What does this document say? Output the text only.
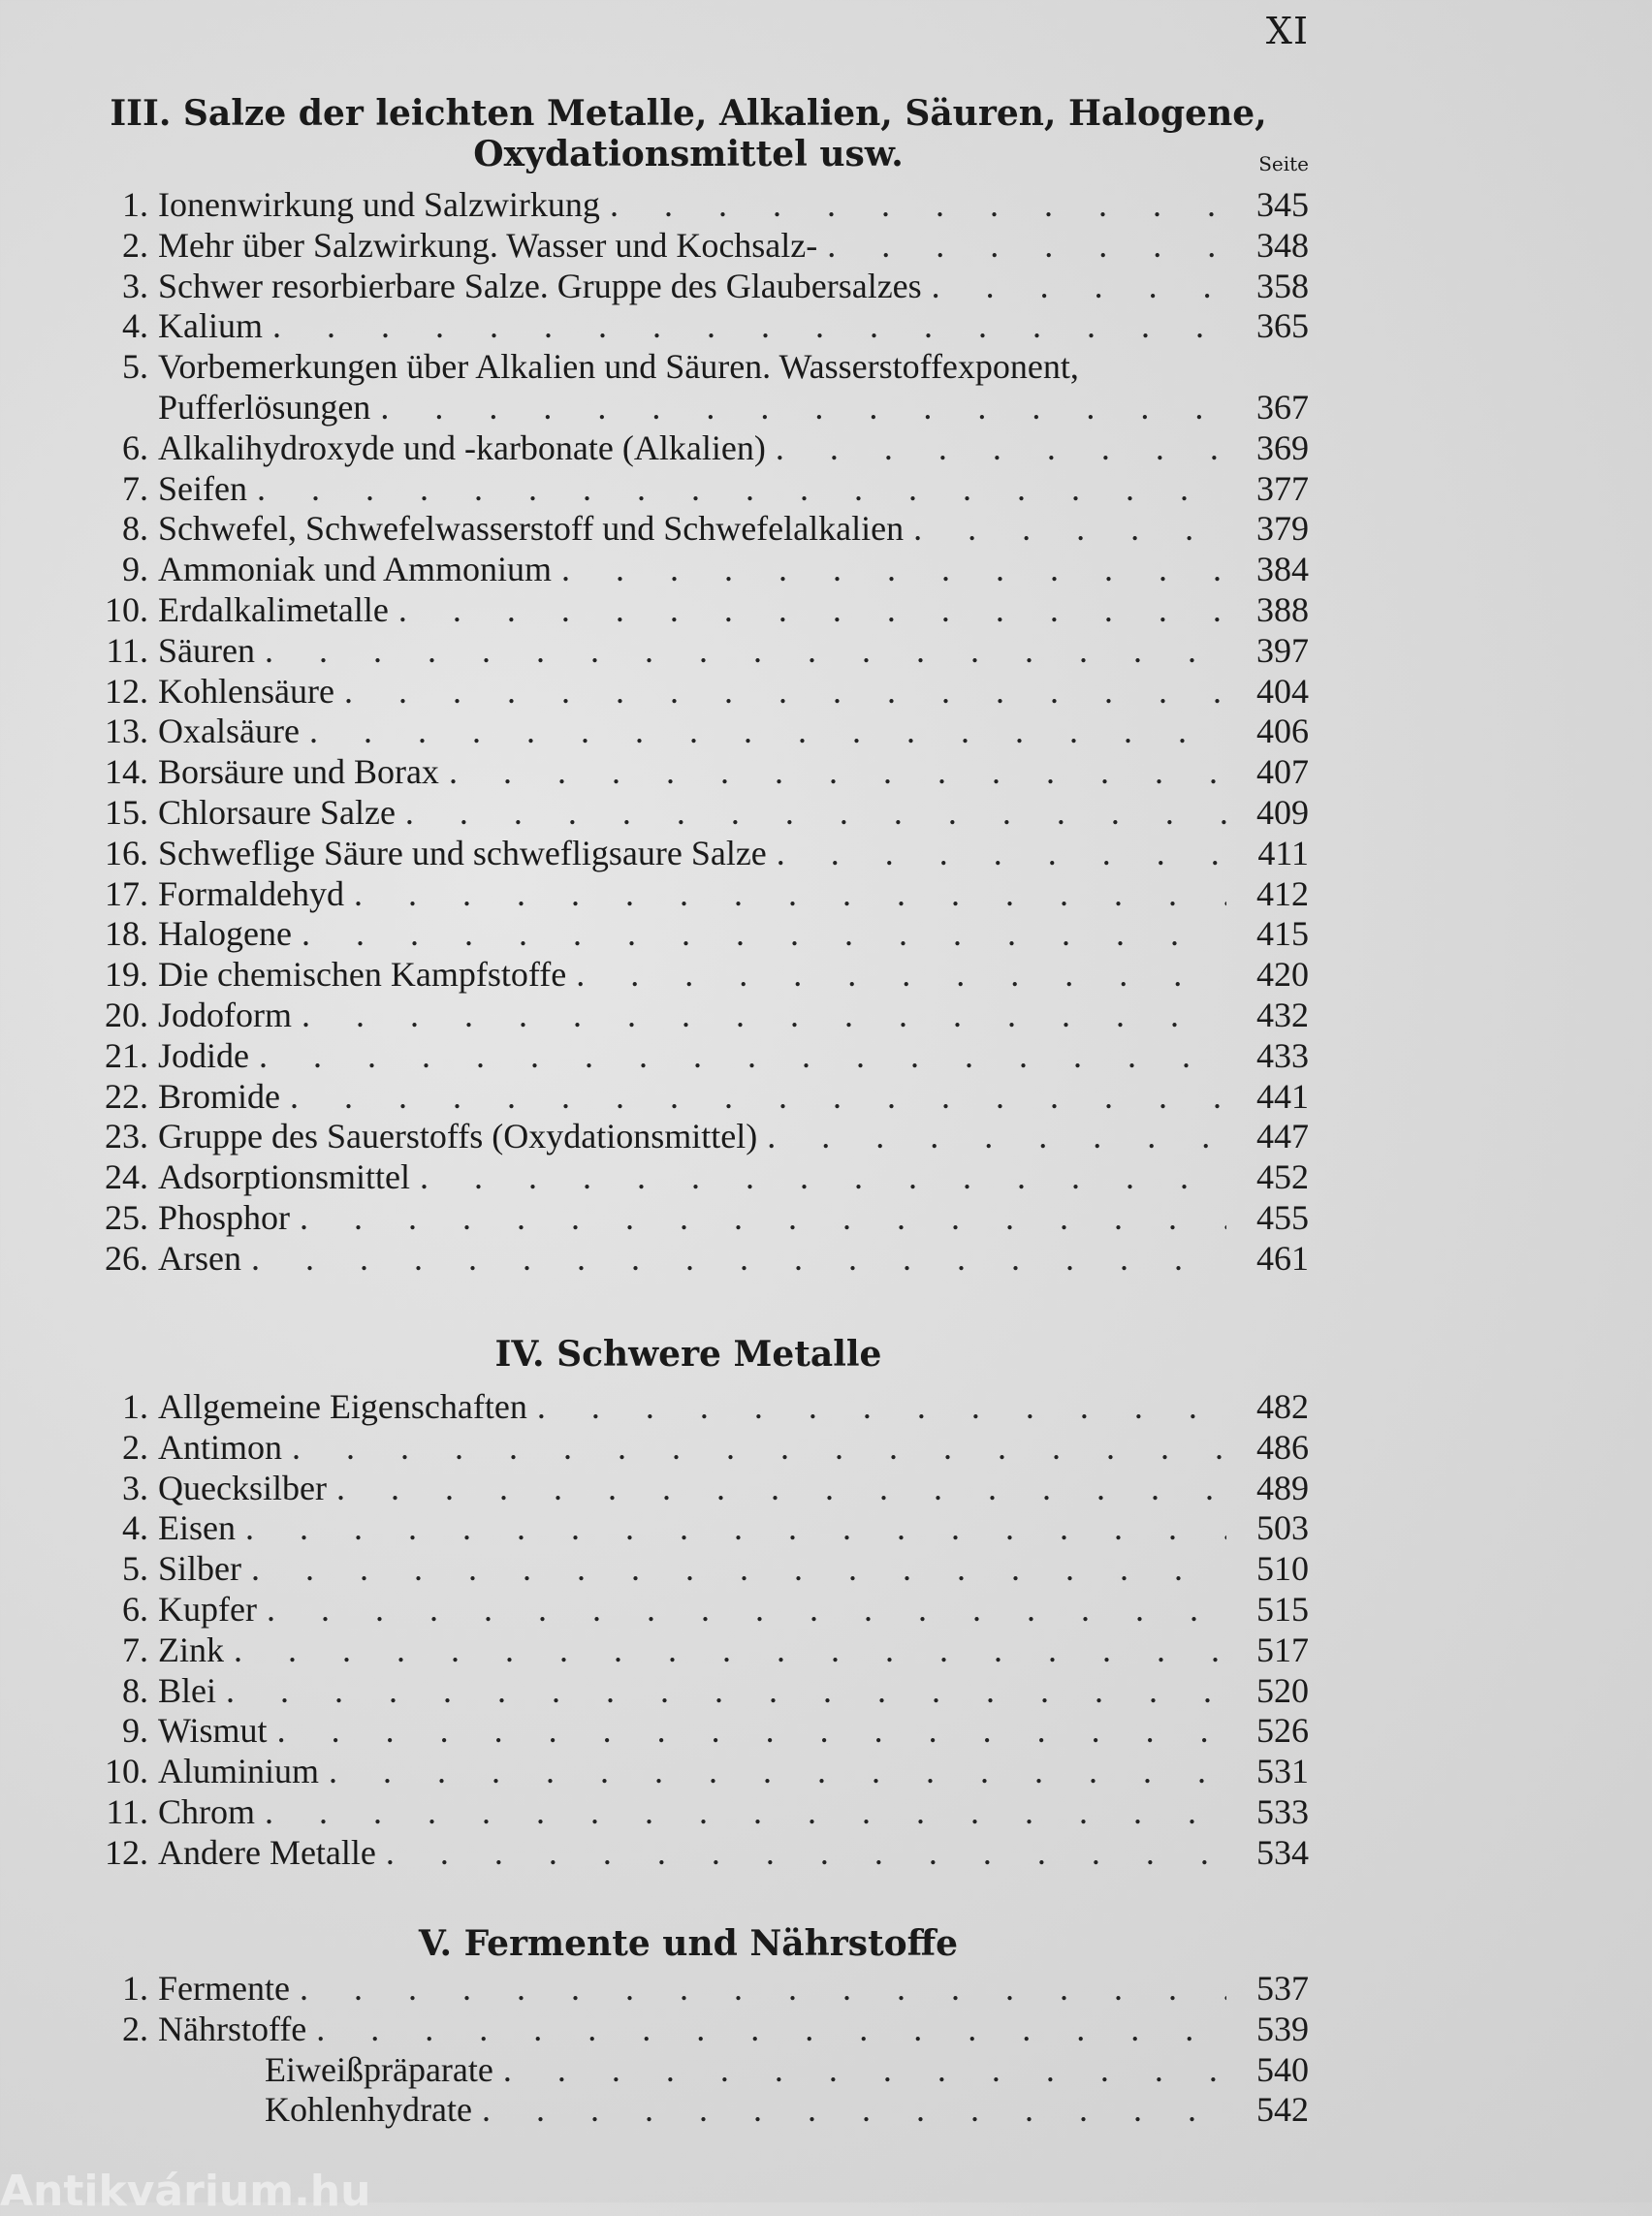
XI
III. Salze der leichten Metalle, Alkalien, Säuren, Halogene,
Oxydationsmittel usw.	Seite
1. Ionenwirkung und Salzwirkung . . .	345
2. Mehr über Salzwirkung. Wasser und Kochsalz- . . .	348
3. Schwer resorbierbare Salze. Gruppe des Glaubersalzes . . .	358
4. Kalium . . .	365
5. Vorbemerkungen über Alkalien und Säuren. Wasserstoffexponent,
Pufferlösungen . . .	367
6. Alkalihydroxyde und -karbonate (Alkalien) . . .	369
7. Seifen . . .	377
8. Schwefel, Schwefelwasserstoff und Schwefelalkalien . . .	379
9. Ammoniak und Ammonium . . .	384
10. Erdalkalimetalle . . .	388
11. Säuren . . .	397
12. Kohlensäure . . .	404
13. Oxalsäure . . .	406
14. Borsäure und Borax . . .	407
15. Chlorsaure Salze . . .	409
16. Schweflige Säure und schwefligsaure Salze . . .	411
17. Formaldehyd . . .	412
18. Halogene . . .	415
19. Die chemischen Kampfstoffe . . .	420
20. Jodoform . . .	432
21. Jodide . . .	433
22. Bromide . . .	441
23. Gruppe des Sauerstoffs (Oxydationsmittel) . . .	447
24. Adsorptionsmittel . . .	452
25. Phosphor . . .	455
26. Arsen . . .	461
IV. Schwere Metalle
1. Allgemeine Eigenschaften . . .	482
2. Antimon . . .	486
3. Quecksilber . . .	489
4. Eisen . . .	503
5. Silber . . .	510
6. Kupfer . . .	515
7. Zink . . .	517
8. Blei . . .	520
9. Wismut . . .	526
10. Aluminium . . .	531
11. Chrom . . .	533
12. Andere Metalle . . .	534
V. Fermente und Nährstoffe
1. Fermente . . .	537
2. Nährstoffe . . .	539
Eiweißpräparate . . .	540
Kohlenhydrate . . .	542
Antikvárium.hu
